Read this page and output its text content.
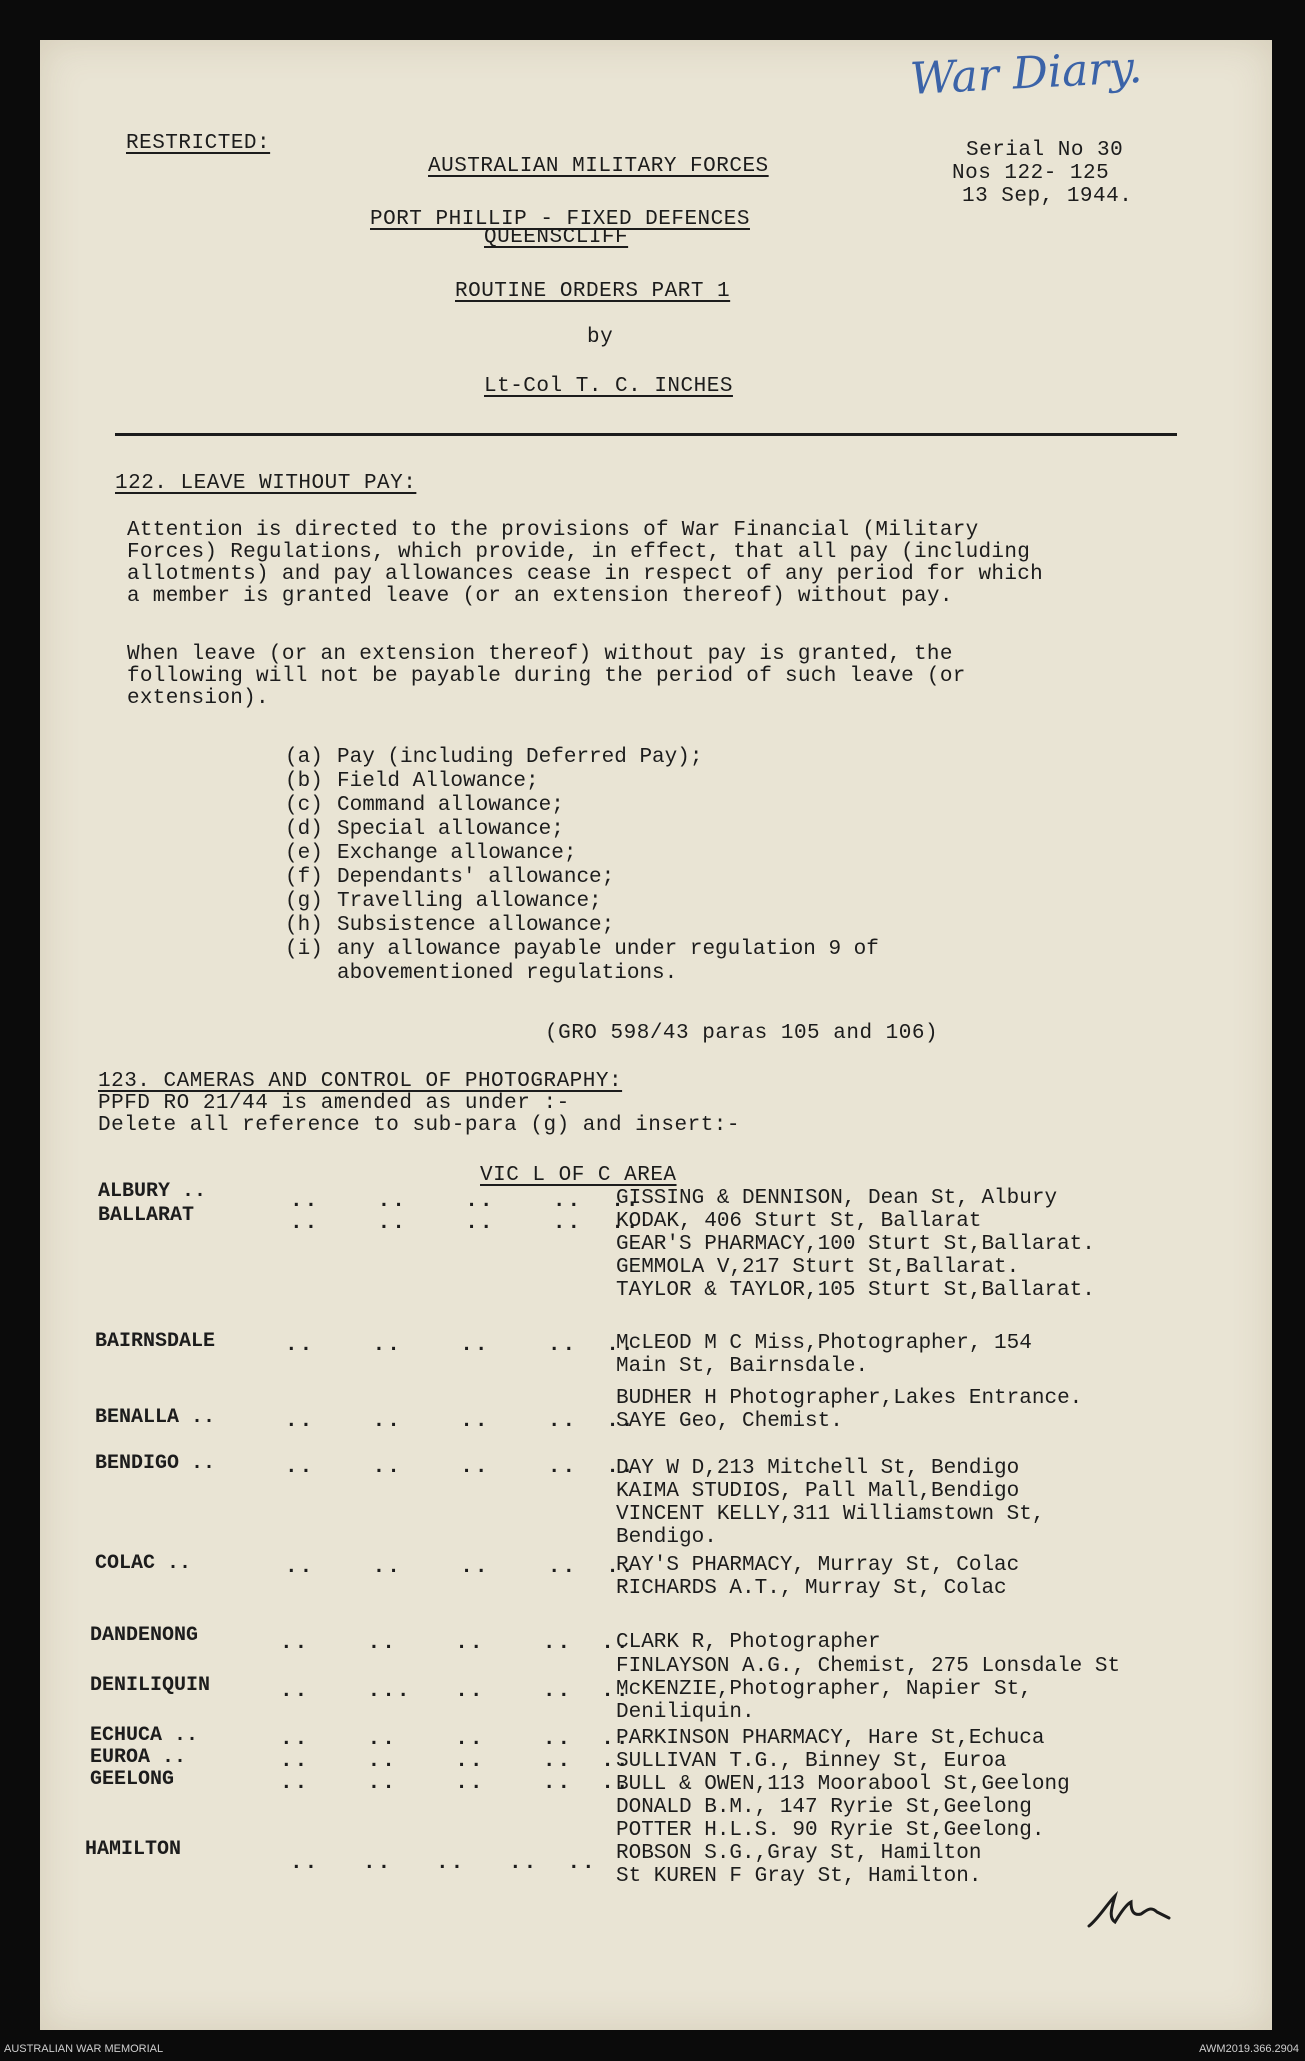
War Diary.
RESTRICTED:
AUSTRALIAN MILITARY FORCES
Serial No 30
Nos 122- 125
13 Sep, 1944.
PORT PHILLIP - FIXED DEFENCES
QUEENSCLIFF
ROUTINE ORDERS PART 1
by
Lt-Col T. C. INCHES
122. LEAVE WITHOUT PAY:
Attention is directed to the provisions of War Financial (Military
Forces) Regulations, which provide, in effect, that all pay (including
allotments) and pay allowances cease in respect of any period for which
a member is granted leave (or an extension thereof) without pay.
When leave (or an extension thereof) without pay is granted, the
following will not be payable during the period of such leave (or
extension).
(a) Pay (including Deferred Pay);
(b) Field Allowance;
(c) Command allowance;
(d) Special allowance;
(e) Exchange allowance;
(f) Dependants' allowance;
(g) Travelling allowance;
(h) Subsistence allowance;
(i) any allowance payable under regulation 9 of
abovementioned regulations.
(GRO 598/43 paras 105 and 106)
123. CAMERAS AND CONTROL OF PHOTOGRAPHY:
PPFD RO 21/44 is amended as under :-
Delete all reference to sub-para (g) and insert:-
VIC L OF C AREA
ALBURY ..
BALLARAT
BAIRNSDALE
BENALLA ..
BENDIGO ..
COLAC ..
DANDENONG
DENILIQUIN
ECHUCA ..
EUROA ..
GEELONG
HAMILTON
..    ..    ..    ..  ..
..    ..    ..    ..  ..
..    ..    ..    ..  ..
..    ..    ..    ..  ..
..    ..    ..    ..  ..
..    ..    ..    ..  ..
..    ..    ..    ..  ..
..    ...   ..    ..  ..
..    ..    ..    ..  ..
..    ..    ..    ..  ..
..    ..    ..    ..  ..
..   ..   ..   ..  ..
GISSING & DENNISON, Dean St, Albury
KODAK, 406 Sturt St, Ballarat
GEAR'S PHARMACY,100 Sturt St,Ballarat.
GEMMOLA V,217 Sturt St,Ballarat.
TAYLOR & TAYLOR,105 Sturt St,Ballarat.
McLEOD M C Miss,Photographer, 154
Main St, Bairnsdale.
BUDHER H Photographer,Lakes Entrance.
SAYE Geo, Chemist.
DAY W D,213 Mitchell St, Bendigo
KAIMA STUDIOS, Pall Mall,Bendigo
VINCENT KELLY,311 Williamstown St,
Bendigo.
RAY'S PHARMACY, Murray St, Colac
RICHARDS A.T., Murray St, Colac
CLARK R, Photographer
FINLAYSON A.G., Chemist, 275 Lonsdale St
McKENZIE,Photographer, Napier St,
Deniliquin.
PARKINSON PHARMACY, Hare St,Echuca
SULLIVAN T.G., Binney St, Euroa
BULL & OWEN,113 Moorabool St,Geelong
DONALD B.M., 147 Ryrie St,Geelong
POTTER H.L.S. 90 Ryrie St,Geelong.
ROBSON S.G.,Gray St, Hamilton
St KUREN F Gray St, Hamilton.
AUSTRALIAN WAR MEMORIAL	AWM2019.366.2904
